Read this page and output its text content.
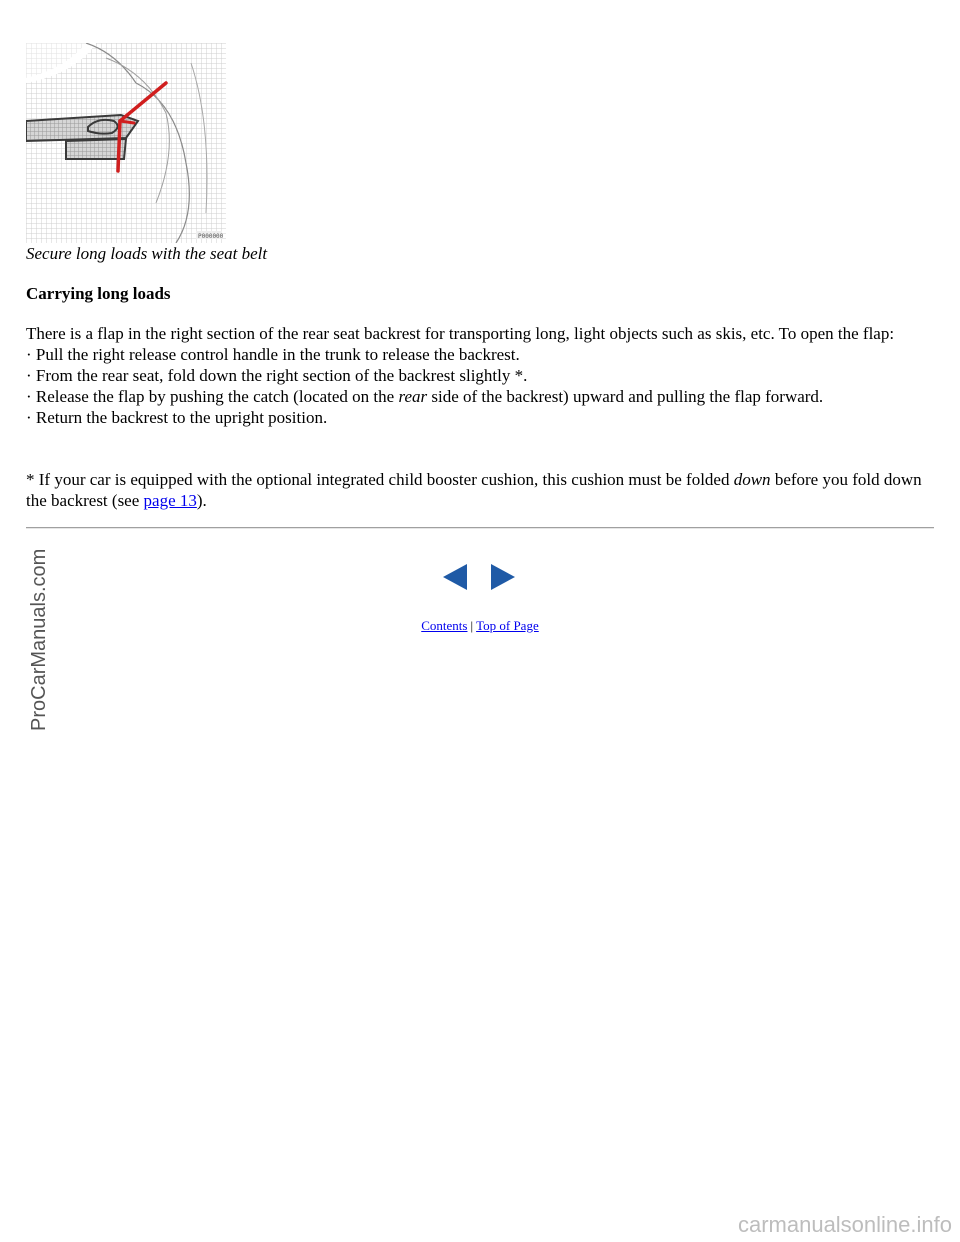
P000000
Secure long loads with the seat belt
Carrying long loads

There is a flap in the right section of the rear seat backrest for transporting long, light objects such as skis, etc. To open the flap:

· Pull the right release control handle in the trunk to release the backrest.
· From the rear seat, fold down the right section of the backrest slightly *.
· Release the flap by pushing the catch (located on the rear side of the backrest) upward and pulling the flap forward.
· Return the backrest to the upright position.

* If your car is equipped with the optional integrated child booster cushion, this cushion must be folded down before you fold down the backrest (see page 13).

Contents | Top of Page
ProCarManuals.com
carmanualsonline.info
